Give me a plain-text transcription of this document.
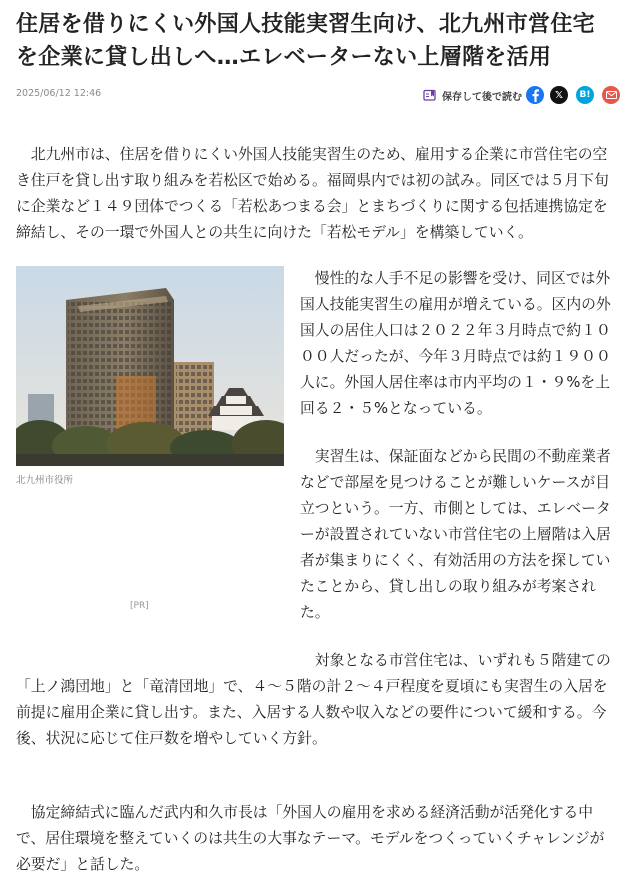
住居を借りにくい外国人技能実習生向け、北九州市営住宅を企業に貸し出しへ…エレベーターない上層階を活用
2025/06/12 12:46	保存して後で読む	𝕏 B!

　北九州市は、住居を借りにくい外国人技能実習生のため、雇用する企業に市営住宅の空き住戸を貸し出す取り組みを若松区で始める。福岡県内では初の試み。同区では５月下旬に企業など１４９団体でつくる「若松あつまる会」とまちづくりに関する包括連携協定を締結し、その一環で外国人との共生に向けた「若松モデル」を構築していく。

北九州市役所

　慢性的な人手不足の影響を受け、同区では外国人技能実習生の雇用が増えている。区内の外国人の居住人口は２０２２年３月時点で約１０００人だったが、今年３月時点では約１９００人に。外国人居住率は市内平均の１・９%を上回る２・５%となっている。

　実習生は、保証面などから民間の不動産業者などで部屋を見つけることが難しいケースが目立つという。一方、市側としては、エレベーターが設置されていない市営住宅の上層階は入居者が集まりにくく、有効活用の方法を探していたことから、貸し出しの取り組みが考案された。

[PR]

　対象となる市営住宅は、いずれも５階建ての「上ノ鴻団地」と「竜清団地」で、４～５階の計２～４戸程度を夏頃にも実習生の入居を前提に雇用企業に貸し出す。また、入居する人数や収入などの要件について緩和する。今後、状況に応じて住戸数を増やしていく方針。

　協定締結式に臨んだ武内和久市長は「外国人の雇用を求める経済活動が活発化する中で、居住環境を整えていくのは共生の大事なテーマ。モデルをつくっていくチャレンジが必要だ」と話した。
